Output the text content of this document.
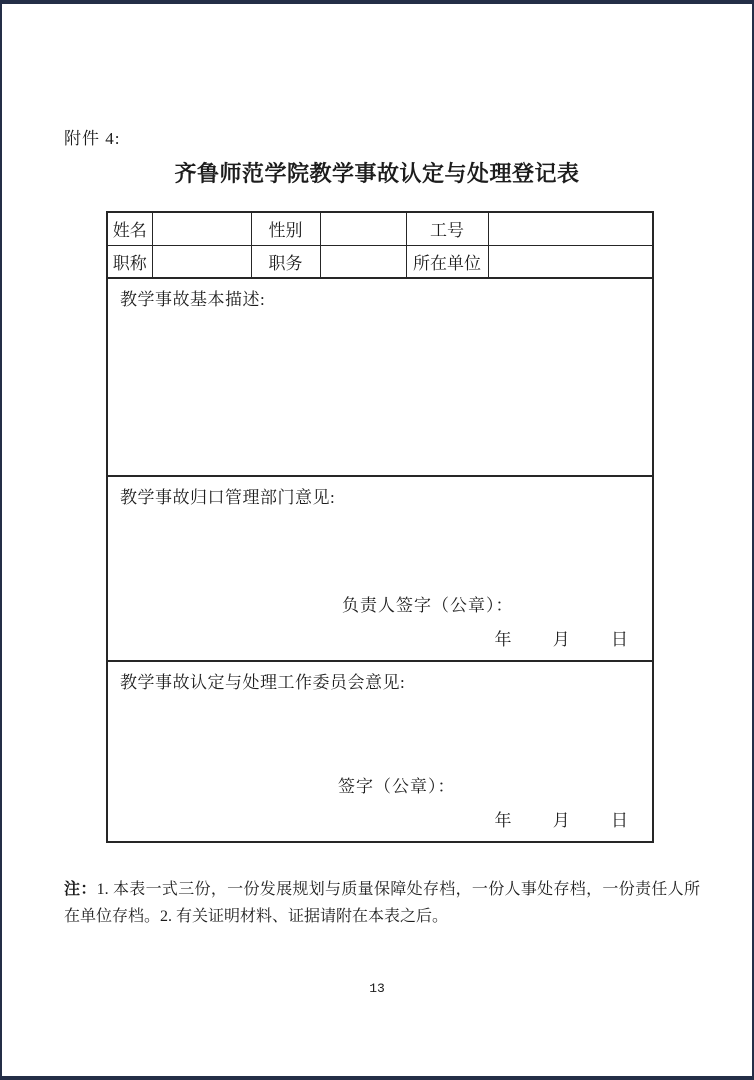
附件 4:
齐鲁师范学院教学事故认定与处理登记表
姓名		性别		工号	
职称		职务		所在单位	

教学事故基本描述:					

教学事故归口管理部门意见:
负责人签字（公章）：
年 月 日					

教学事故认定与处理工作委员会意见:
签字（公章）：
年 月 日					
注：1. 本表一式三份，一份发展规划与质量保障处存档，一份人事处存档，一份责任人所在单位存档。2. 有关证明材料、证据请附在本表之后。
13
